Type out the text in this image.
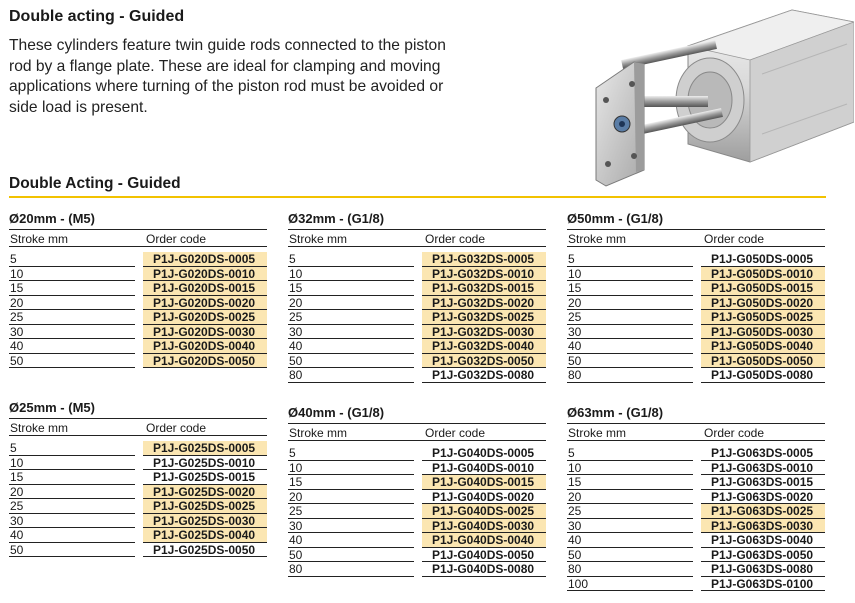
Double acting - Guided
These cylinders feature twin guide rods connected to the piston rod by a flange plate. These are ideal for clamping and moving applications where turning of the piston rod must be avoided or side load is present.
Double Acting - Guided
Ø20mm - (M5)
Stroke mm	Order code
5	P1J-G020DS-0005
10	P1J-G020DS-0010
15	P1J-G020DS-0015
20	P1J-G020DS-0020
25	P1J-G020DS-0025
30	P1J-G020DS-0030
40	P1J-G020DS-0040
50	P1J-G020DS-0050
Ø32mm - (G1/8)
Stroke mm	Order code
5	P1J-G032DS-0005
10	P1J-G032DS-0010
15	P1J-G032DS-0015
20	P1J-G032DS-0020
25	P1J-G032DS-0025
30	P1J-G032DS-0030
40	P1J-G032DS-0040
50	P1J-G032DS-0050
80	P1J-G032DS-0080
Ø50mm - (G1/8)
Stroke mm	Order code
5	P1J-G050DS-0005
10	P1J-G050DS-0010
15	P1J-G050DS-0015
20	P1J-G050DS-0020
25	P1J-G050DS-0025
30	P1J-G050DS-0030
40	P1J-G050DS-0040
50	P1J-G050DS-0050
80	P1J-G050DS-0080
Ø25mm - (M5)
Stroke mm	Order code
5	P1J-G025DS-0005
10	P1J-G025DS-0010
15	P1J-G025DS-0015
20	P1J-G025DS-0020
25	P1J-G025DS-0025
30	P1J-G025DS-0030
40	P1J-G025DS-0040
50	P1J-G025DS-0050
Ø40mm - (G1/8)
Stroke mm	Order code
5	P1J-G040DS-0005
10	P1J-G040DS-0010
15	P1J-G040DS-0015
20	P1J-G040DS-0020
25	P1J-G040DS-0025
30	P1J-G040DS-0030
40	P1J-G040DS-0040
50	P1J-G040DS-0050
80	P1J-G040DS-0080
Ø63mm - (G1/8)
Stroke mm	Order code
5	P1J-G063DS-0005
10	P1J-G063DS-0010
15	P1J-G063DS-0015
20	P1J-G063DS-0020
25	P1J-G063DS-0025
30	P1J-G063DS-0030
40	P1J-G063DS-0040
50	P1J-G063DS-0050
80	P1J-G063DS-0080
100	P1J-G063DS-0100
